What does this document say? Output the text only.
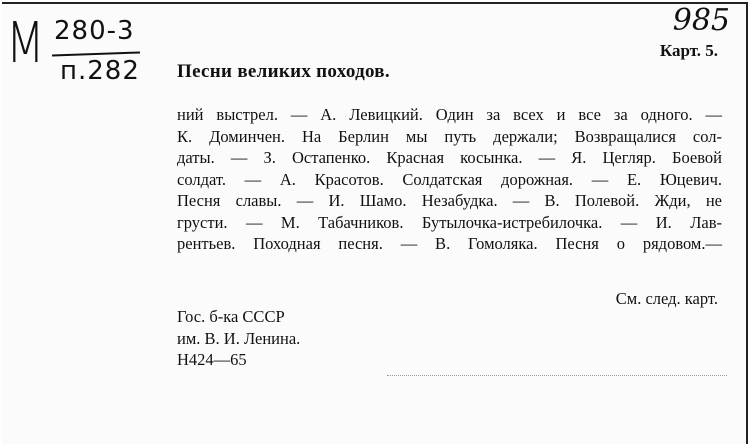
M 280-3
п.282
985
Карт. 5.
Песни великих походов.
ний выстрел. — А. Левицкий. Один за всех и все за одного. —
К. Доминчен. На Берлин мы путь держали; Возвращалися сол-
даты. — З. Остапенко. Красная косынка. — Я. Цегляр. Боевой
солдат. — А. Красотов. Солдатская дорожная. — Е. Юцевич.
Песня славы. — И. Шамо. Незабудка. — В. Полевой. Жди, не
грусти. — М. Табачников. Бутылочка-истребилочка. — И. Лав-
рентьев. Походная песня. — В. Гомоляка. Песня о рядовом.—
См. след. карт.
Гос. б-ка СССР
им. В. И. Ленина.
Н424—65
